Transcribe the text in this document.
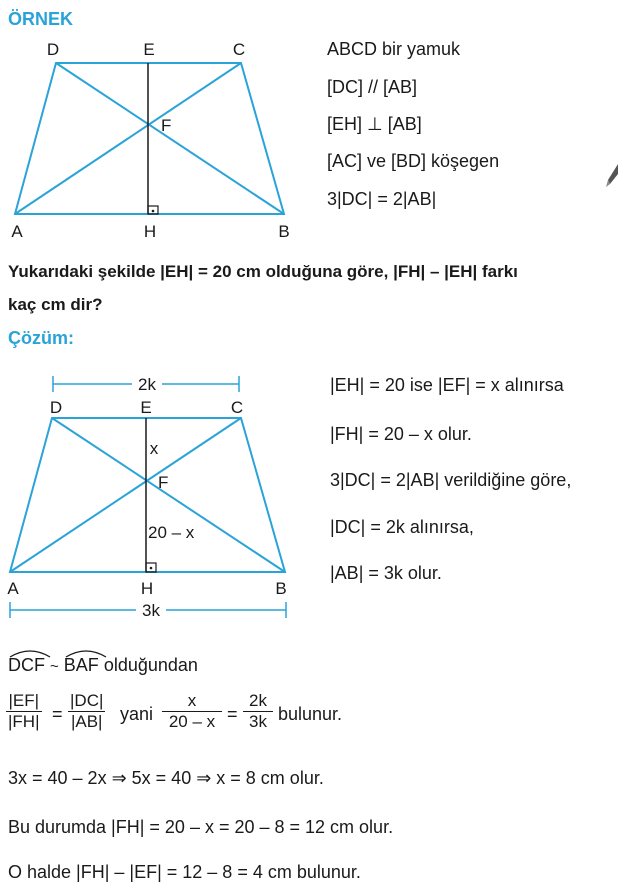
ÖRNEK
D	E	C
F
A	H	B
ABCD bir yamuk
[DC] // [AB]
[EH] ⊥ [AB]
[AC] ve [BD] köşegen
3|DC| = 2|AB|
Yukarıdaki şekilde |EH| = 20 cm olduğuna göre, |FH| – |EH| farkı
kaç cm dir?
Çözüm:
2k
D	E	C
x
F
20 – x
A	H	B
3k
|EH| = 20 ise |EF| = x alınırsa
|FH| = 20 – x olur.
3|DC| = 2|AB| verildiğine göre,
|DC| = 2k alınırsa,
|AB| = 3k olur.
DCF ~ BAF olduğundan
$\frac{|EF|}{|FH|} = \frac{|DC|}{|AB|}$ yani $\frac{x}{20 - x} = \frac{2k}{3k}$ bulunur.
3x = 40 – 2x ⇒ 5x = 40 ⇒ x = 8 cm olur.
Bu durumda |FH| = 20 – x = 20 – 8 = 12 cm olur.
O halde |FH| – |EF| = 12 – 8 = 4 cm bulunur.
